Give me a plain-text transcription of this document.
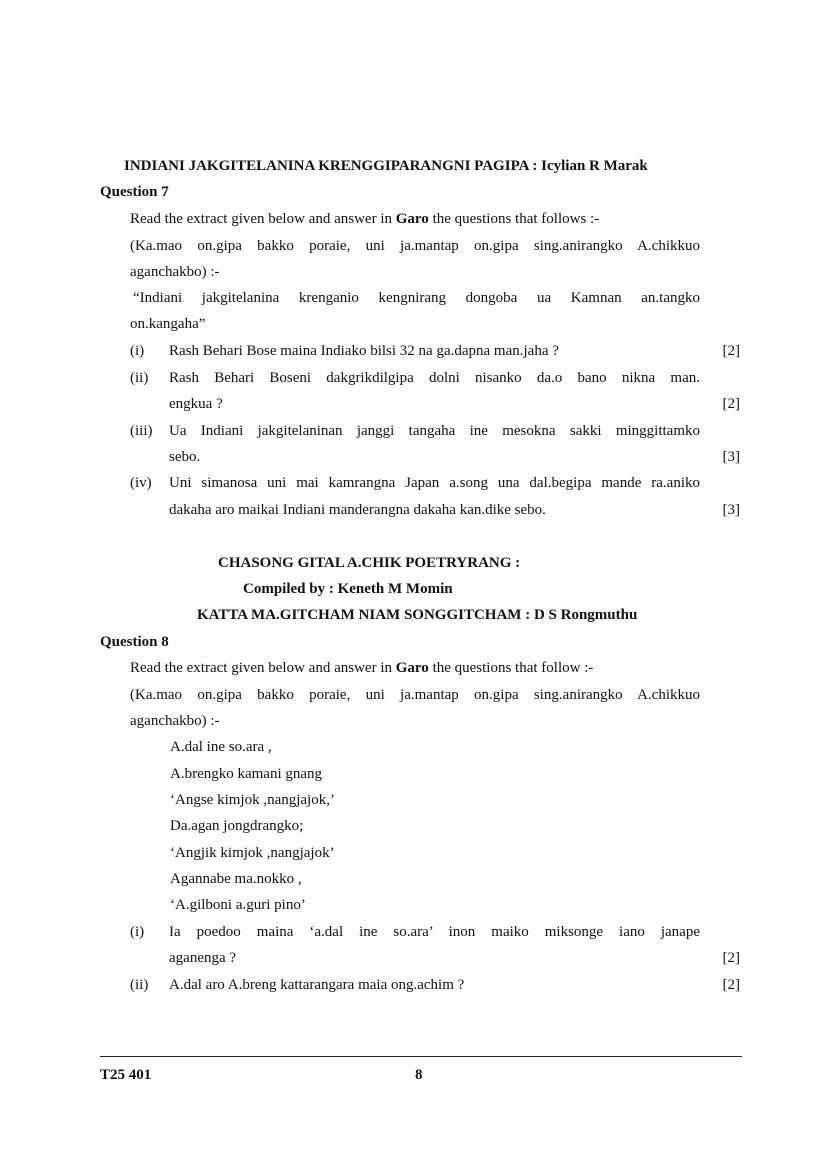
INDIANI JAKGITELANINA KRENGGIPARANGNI PAGIPA : Icylian R Marak
Question 7
Read the extract given below and answer in Garo the questions that follows :-
(Ka.mao on.gipa bakko poraie, uni ja.mantap on.gipa sing.anirangko A.chikkuo
aganchakbo) :-
“Indiani jakgitelanina krenganio kengnirang dongoba ua Kamnan an.tangko
on.kangaha”
(i) Rash Behari Bose maina Indiako bilsi 32 na ga.dapna man.jaha ?	[2]
(ii) Rash Behari Boseni dakgrikdilgipa dolni nisanko da.o bano nikna man.
engkua ?	[2]
(iii) Ua Indiani jakgitelaninan janggi tangaha ine mesokna sakki minggittamko
sebo.	[3]
(iv) Uni simanosa uni mai kamrangna Japan a.song una dal.begipa mande ra.aniko
dakaha aro maikai Indiani manderangna dakaha kan.dike sebo.	[3]
CHASONG GITAL A.CHIK POETRYRANG :
Compiled by : Keneth M Momin
KATTA MA.GITCHAM NIAM SONGGITCHAM : D S Rongmuthu
Question 8
Read the extract given below and answer in Garo the questions that follow :-
(Ka.mao on.gipa bakko poraie, uni ja.mantap on.gipa sing.anirangko A.chikkuo
aganchakbo) :-
A.dal ine so.ara ,
A.brengko kamani gnang
‘Angse kimjok ,nangjajok,’
Da.agan jongdrangko;
‘Angjik kimjok ,nangjajok’
Agannabe ma.nokko ,
‘A.gilboni a.guri pino’
(i) Ia poedoo maina ‘a.dal ine so.ara’ inon maiko miksonge iano janape
aganenga ?	[2]
(ii) A.dal aro A.breng kattarangara maia ong.achim ?	[2]
T25 401	8
